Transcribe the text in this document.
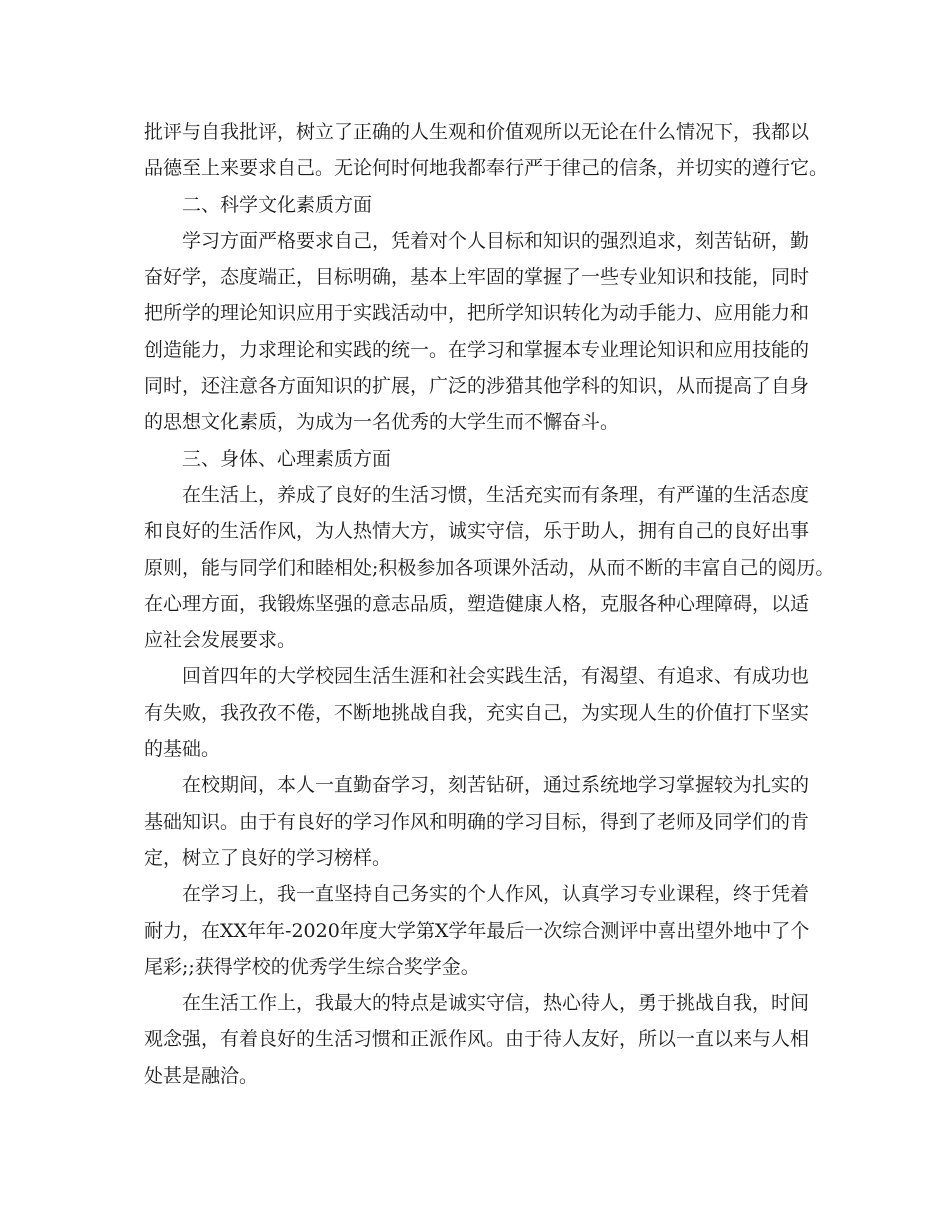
批评与自我批评，树立了正确的人生观和价值观所以无论在什么情况下，我都以
品德至上来要求自己。无论何时何地我都奉行严于律己的信条，并切实的遵行它。
二、科学文化素质方面
学习方面严格要求自己，凭着对个人目标和知识的强烈追求，刻苦钻研，勤
奋好学，态度端正，目标明确，基本上牢固的掌握了一些专业知识和技能，同时
把所学的理论知识应用于实践活动中，把所学知识转化为动手能力、应用能力和
创造能力，力求理论和实践的统一。在学习和掌握本专业理论知识和应用技能的
同时，还注意各方面知识的扩展，广泛的涉猎其他学科的知识，从而提高了自身
的思想文化素质，为成为一名优秀的大学生而不懈奋斗。
三、身体、心理素质方面
在生活上，养成了良好的生活习惯，生活充实而有条理，有严谨的生活态度
和良好的生活作风，为人热情大方，诚实守信，乐于助人，拥有自己的良好出事
原则，能与同学们和睦相处;积极参加各项课外活动，从而不断的丰富自己的阅历。
在心理方面，我锻炼坚强的意志品质，塑造健康人格，克服各种心理障碍，以适
应社会发展要求。
回首四年的大学校园生活生涯和社会实践生活，有渴望、有追求、有成功也
有失败，我孜孜不倦，不断地挑战自我，充实自己，为实现人生的价值打下坚实
的基础。
在校期间，本人一直勤奋学习，刻苦钻研，通过系统地学习掌握较为扎实的
基础知识。由于有良好的学习作风和明确的学习目标，得到了老师及同学们的肯
定，树立了良好的学习榜样。
在学习上，我一直坚持自己务实的个人作风，认真学习专业课程，终于凭着
耐力，在XX年年-2020年度大学第X学年最后一次综合测评中喜出望外地中了个
尾彩;;获得学校的优秀学生综合奖学金。
在生活工作上，我最大的特点是诚实守信，热心待人，勇于挑战自我，时间
观念强，有着良好的生活习惯和正派作风。由于待人友好，所以一直以来与人相
处甚是融洽。
